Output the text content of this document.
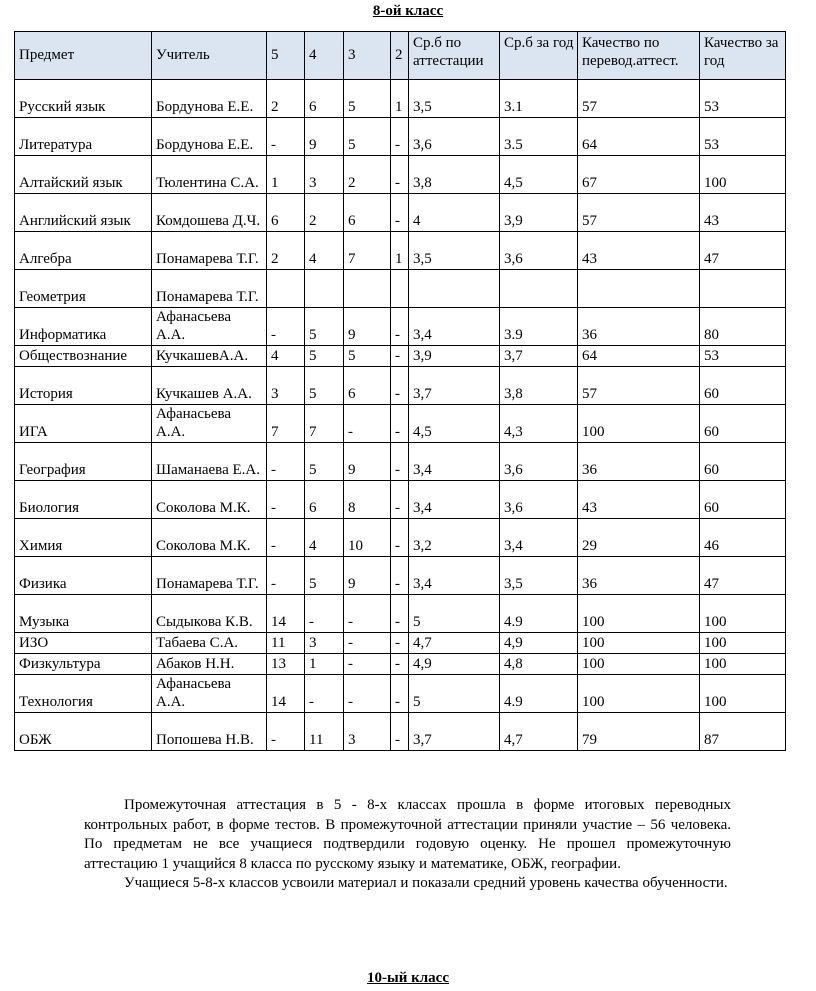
8-ой класс
Предмет	Учитель	5	4	3	2	Ср.б по аттестации	Ср.б за год	Качество по перевод.аттест.	Качество за год
Русский язык	Бордунова Е.Е.	2	6	5	1	3,5	3.1	57	53
Литература	Бордунова Е.Е.	-	9	5	-	3,6	3.5	64	53
Алтайский язык	Тюлентина С.А.	1	3	2	-	3,8	4,5	67	100
Английский язык	Комдошева Д.Ч.	6	2	6	-	4	3,9	57	43
Алгебра	Понамарева Т.Г.	2	4	7	1	3,5	3,6	43	47
Геометрия	Понамарева Т.Г.								
Информатика	Афанасьева А.А.	-	5	9	-	3,4	3.9	36	80
Обществознание	КучкашевА.А.	4	5	5	-	3,9	3,7	64	53
История	Кучкашев А.А.	3	5	6	-	3,7	3,8	57	60
ИГА	Афанасьева А.А.	7	7	-	-	4,5	4,3	100	60
География	Шаманаева Е.А.	-	5	9	-	3,4	3,6	36	60
Биология	Соколова М.К.	-	6	8	-	3,4	3,6	43	60
Химия	Соколова М.К.	-	4	10	-	3,2	3,4	29	46
Физика	Понамарева Т.Г.	-	5	9	-	3,4	3,5	36	47
Музыка	Сыдыкова К.В.	14	-	-	-	5	4.9	100	100
ИЗО	Табаева С.А.	11	3	-	-	4,7	4,9	100	100
Физкультура	Абаков Н.Н.	13	1	-	-	4,9	4,8	100	100
Технология	Афанасьева А.А.	14	-	-	-	5	4.9	100	100
ОБЖ	Попошева Н.В.	-	11	3	-	3,7	4,7	79	87

Промежуточная аттестация в 5 - 8-х классах прошла в форме итоговых переводных контрольных работ, в форме тестов. В промежуточной аттестации приняли участие – 56 человека. По предметам не все учащиеся подтвердили годовую оценку. Не прошел промежуточную аттестацию 1 учащийся 8 класса по русскому языку и математике, ОБЖ, географии.

Учащиеся 5-8-х классов усвоили материал и показали средний уровень качества обученности.

10-ый класс
